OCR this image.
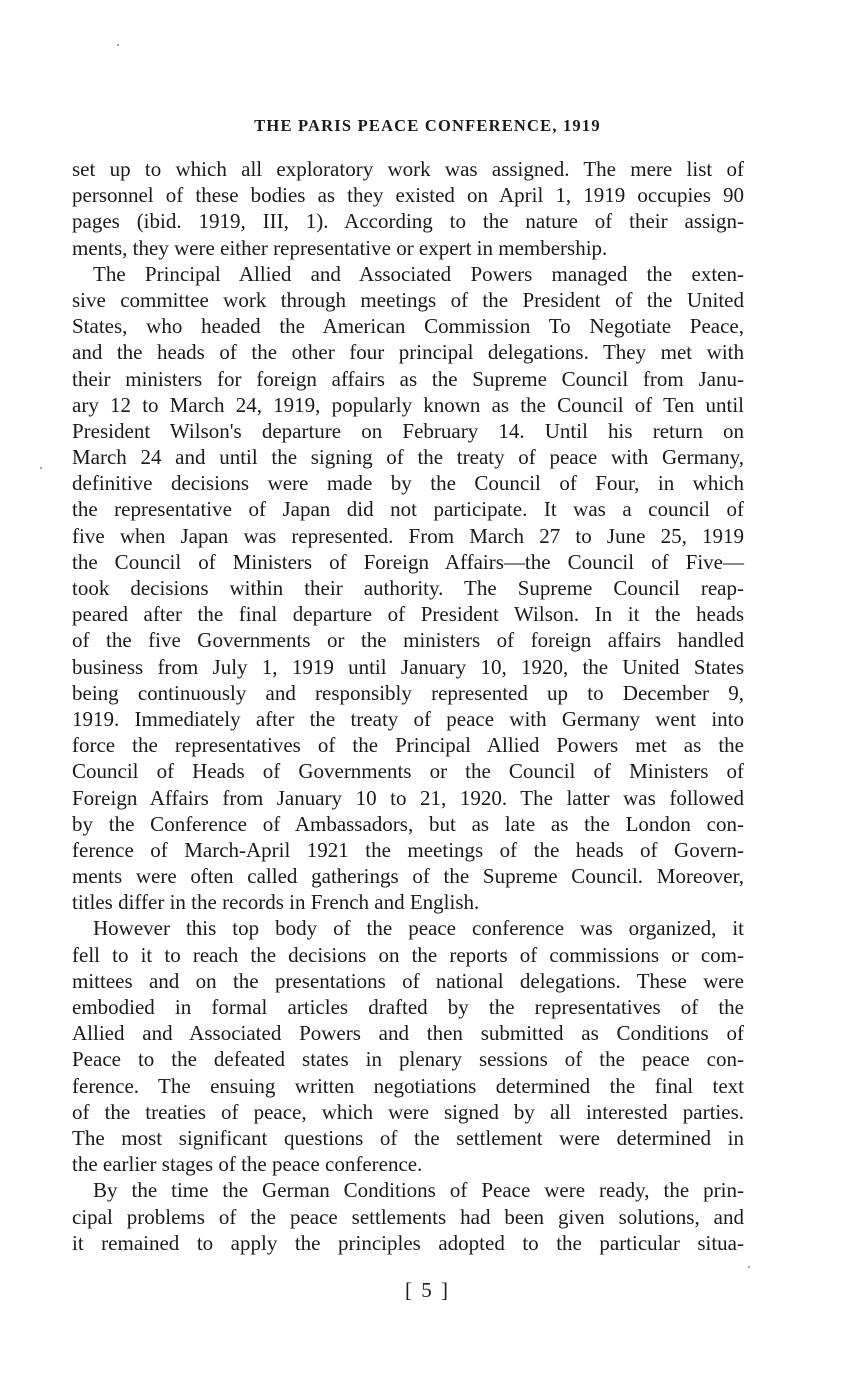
THE PARIS PEACE CONFERENCE, 1919
set up to which all exploratory work was assigned. The mere list of
personnel of these bodies as they existed on April 1, 1919 occupies 90
pages (ibid. 1919, III, 1). According to the nature of their assign-
ments, they were either representative or expert in membership.
The Principal Allied and Associated Powers managed the exten-
sive committee work through meetings of the President of the United
States, who headed the American Commission To Negotiate Peace,
and the heads of the other four principal delegations. They met with
their ministers for foreign affairs as the Supreme Council from Janu-
ary 12 to March 24, 1919, popularly known as the Council of Ten until
President Wilson's departure on February 14. Until his return on
March 24 and until the signing of the treaty of peace with Germany,
definitive decisions were made by the Council of Four, in which
the representative of Japan did not participate. It was a council of
five when Japan was represented. From March 27 to June 25, 1919
the Council of Ministers of Foreign Affairs—the Council of Five—
took decisions within their authority. The Supreme Council reap-
peared after the final departure of President Wilson. In it the heads
of the five Governments or the ministers of foreign affairs handled
business from July 1, 1919 until January 10, 1920, the United States
being continuously and responsibly represented up to December 9,
1919. Immediately after the treaty of peace with Germany went into
force the representatives of the Principal Allied Powers met as the
Council of Heads of Governments or the Council of Ministers of
Foreign Affairs from January 10 to 21, 1920. The latter was followed
by the Conference of Ambassadors, but as late as the London con-
ference of March-April 1921 the meetings of the heads of Govern-
ments were often called gatherings of the Supreme Council. Moreover,
titles differ in the records in French and English.
However this top body of the peace conference was organized, it
fell to it to reach the decisions on the reports of commissions or com-
mittees and on the presentations of national delegations. These were
embodied in formal articles drafted by the representatives of the
Allied and Associated Powers and then submitted as Conditions of
Peace to the defeated states in plenary sessions of the peace con-
ference. The ensuing written negotiations determined the final text
of the treaties of peace, which were signed by all interested parties.
The most significant questions of the settlement were determined in
the earlier stages of the peace conference.
By the time the German Conditions of Peace were ready, the prin-
cipal problems of the peace settlements had been given solutions, and
it remained to apply the principles adopted to the particular situa-
[ 5 ]
